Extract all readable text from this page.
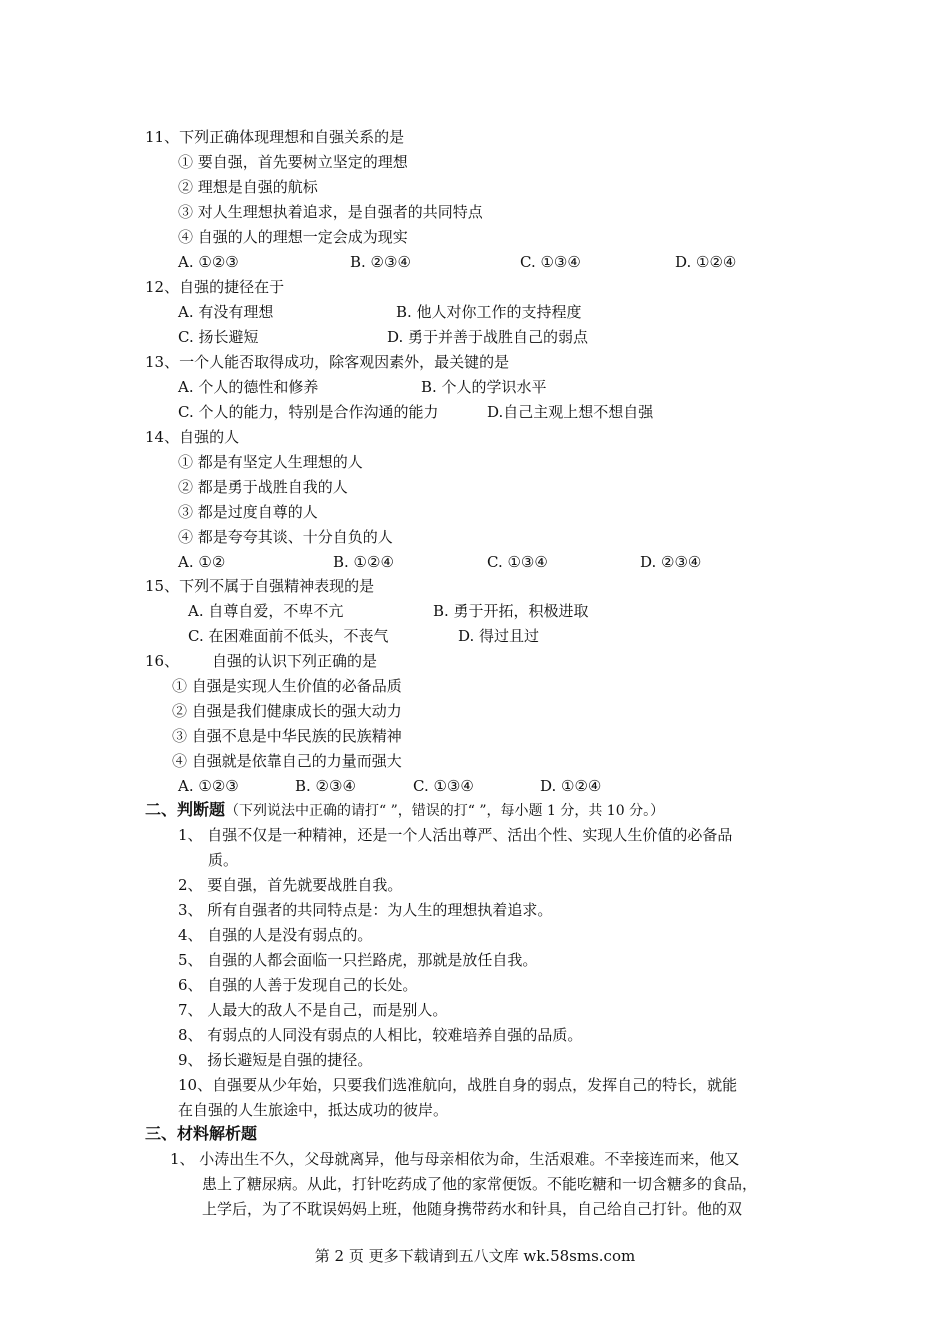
11、下列正确体现理想和自强关系的是
① 要自强，首先要树立坚定的理想
② 理想是自强的航标
③ 对人生理想执着追求，是自强者的共同特点
④ 自强的人的理想一定会成为现实
A. ①②③	B. ②③④	C. ①③④	D. ①②④
12、自强的捷径在于
A. 有没有理想	B. 他人对你工作的支持程度
C. 扬长避短	D. 勇于并善于战胜自己的弱点
13、一个人能否取得成功，除客观因素外，最关键的是
A. 个人的德性和修养	B. 个人的学识水平
C. 个人的能力，特别是合作沟通的能力	D.自己主观上想不想自强
14、自强的人
① 都是有坚定人生理想的人
② 都是勇于战胜自我的人
③ 都是过度自尊的人
④ 都是夸夸其谈、十分自负的人
A. ①②	B. ①②④	C. ①③④	D. ②③④
15、下列不属于自强精神表现的是
A. 自尊自爱，不卑不亢	B. 勇于开拓，积极进取
C. 在困难面前不低头，不丧气	D. 得过且过
16、 自强的认识下列正确的是
① 自强是实现人生价值的必备品质
② 自强是我们健康成长的强大动力
③ 自强不息是中华民族的民族精神
④ 自强就是依靠自己的力量而强大
A. ①②③	B. ②③④	C. ①③④	D. ①②④
二、判断题（下列说法中正确的请打“ ”，错误的打“ ”，每小题 1 分，共 10 分。）
1、 自强不仅是一种精神，还是一个人活出尊严、活出个性、实现人生价值的必备品
质。
2、 要自强，首先就要战胜自我。
3、 所有自强者的共同特点是：为人生的理想执着追求。
4、 自强的人是没有弱点的。
5、 自强的人都会面临一只拦路虎，那就是放任自我。
6、 自强的人善于发现自己的长处。
7、 人最大的敌人不是自己，而是别人。
8、 有弱点的人同没有弱点的人相比，较难培养自强的品质。
9、 扬长避短是自强的捷径。
10、自强要从少年始，只要我们选准航向，战胜自身的弱点，发挥自己的特长，就能
在自强的人生旅途中，抵达成功的彼岸。
三、材料解析题
1、 小涛出生不久，父母就离异，他与母亲相依为命，生活艰难。不幸接连而来，他又
患上了糖尿病。从此，打针吃药成了他的家常便饭。不能吃糖和一切含糖多的食品，
上学后，为了不耽误妈妈上班，他随身携带药水和针具，自己给自己打针。他的双
第 2 页 更多下载请到五八文库 wk.58sms.com
